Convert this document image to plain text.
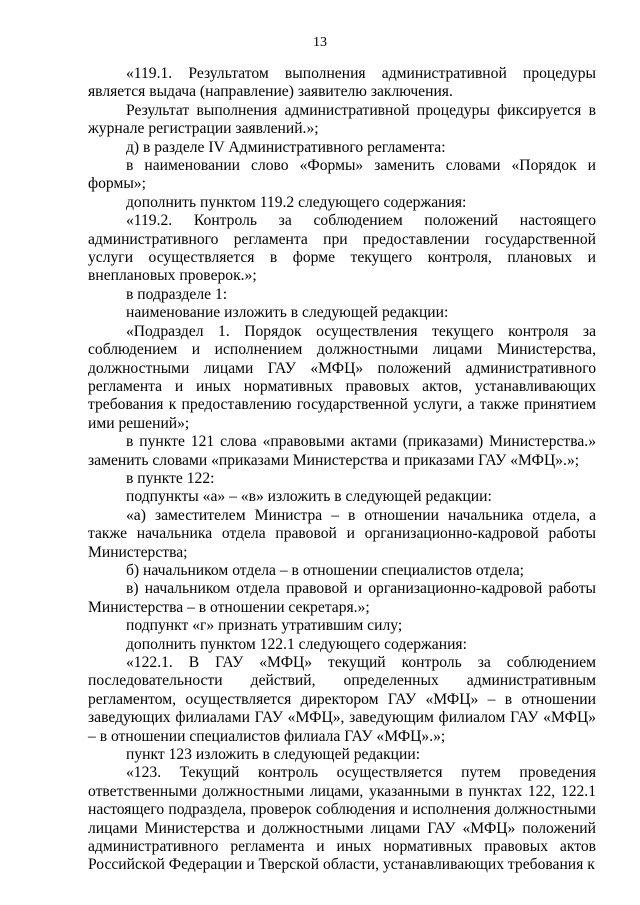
13

«119.1. Результатом выполнения административной процедуры является выдача (направление) заявителю заключения.

Результат выполнения административной процедуры фиксируется в журнале регистрации заявлений.»;

д) в разделе IV Административного регламента:

в наименовании слово «Формы» заменить словами «Порядок и формы»;

дополнить пунктом 119.2 следующего содержания:

«119.2. Контроль за соблюдением положений настоящего административного регламента при предоставлении государственной услуги осуществляется в форме текущего контроля, плановых и внеплановых проверок.»;

в подразделе 1:

наименование изложить в следующей редакции:

«Подраздел 1. Порядок осуществления текущего контроля за соблюдением и исполнением должностными лицами Министерства, должностными лицами ГАУ «МФЦ» положений административного регламента и иных нормативных правовых актов, устанавливающих требования к предоставлению государственной услуги, а также принятием ими решений»;

в пункте 121 слова «правовыми актами (приказами) Министерства.» заменить словами «приказами Министерства и приказами ГАУ «МФЦ».»;

в пункте 122:

подпункты «а» – «в» изложить в следующей редакции:

«а) заместителем Министра – в отношении начальника отдела, а также начальника отдела правовой и организационно-кадровой работы Министерства;

б) начальником отдела – в отношении специалистов отдела;

в) начальником отдела правовой и организационно-кадровой работы Министерства – в отношении секретаря.»;

подпункт «г» признать утратившим силу;

дополнить пунктом 122.1 следующего содержания:

«122.1. В ГАУ «МФЦ» текущий контроль за соблюдением последовательности действий, определенных административным регламентом, осуществляется директором ГАУ «МФЦ» – в отношении заведующих филиалами ГАУ «МФЦ», заведующим филиалом ГАУ «МФЦ» – в отношении специалистов филиала ГАУ «МФЦ».»;

пункт 123 изложить в следующей редакции:

«123. Текущий контроль осуществляется путем проведения ответственными должностными лицами, указанными в пунктах 122, 122.1 настоящего подраздела, проверок соблюдения и исполнения должностными лицами Министерства и должностными лицами ГАУ «МФЦ» положений административного регламента и иных нормативных правовых актов Российской Федерации и Тверской области, устанавливающих требования к
